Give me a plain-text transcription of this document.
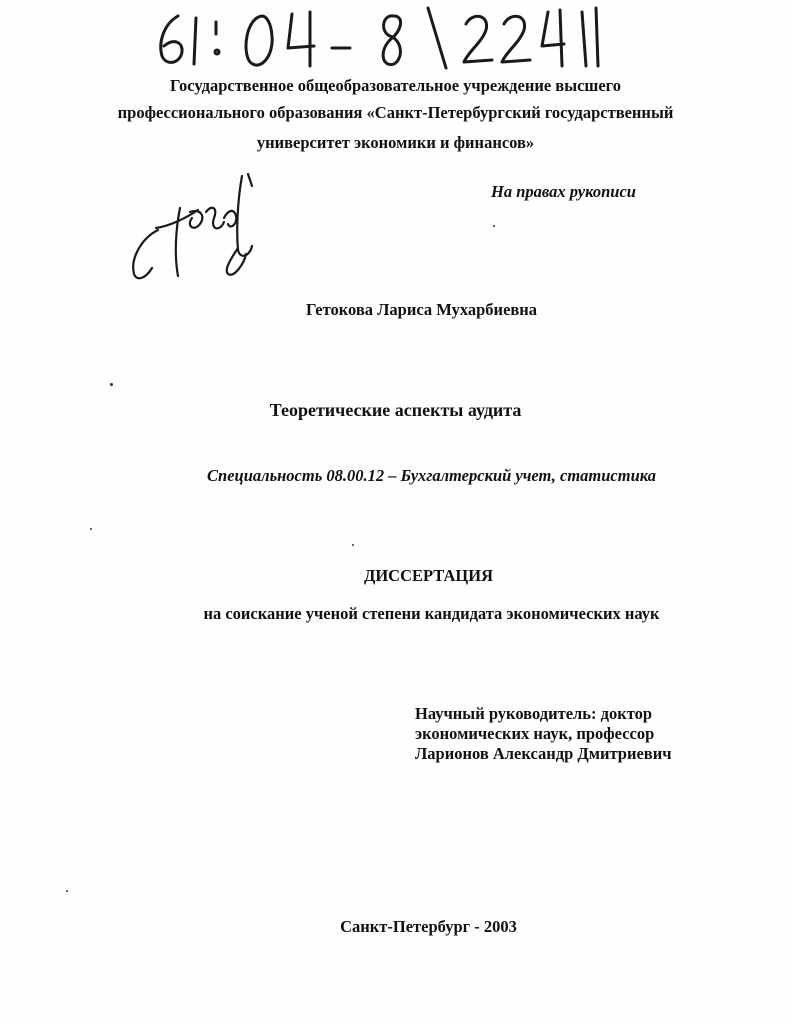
Государственное общеобразовательное учреждение высшего
профессионального образования «Санкт-Петербургский государственный
университет экономики и финансов»
На правах рукописи
Гетокова Лариса Мухарбиевна
Теоретические аспекты аудита
Специальность 08.00.12 – Бухгалтерский учет, статистика
ДИССЕРТАЦИЯ
на соискание ученой степени кандидата экономических наук
Научный руководитель: доктор
экономических наук, профессор
Ларионов Александр Дмитриевич
Санкт-Петербург - 2003
